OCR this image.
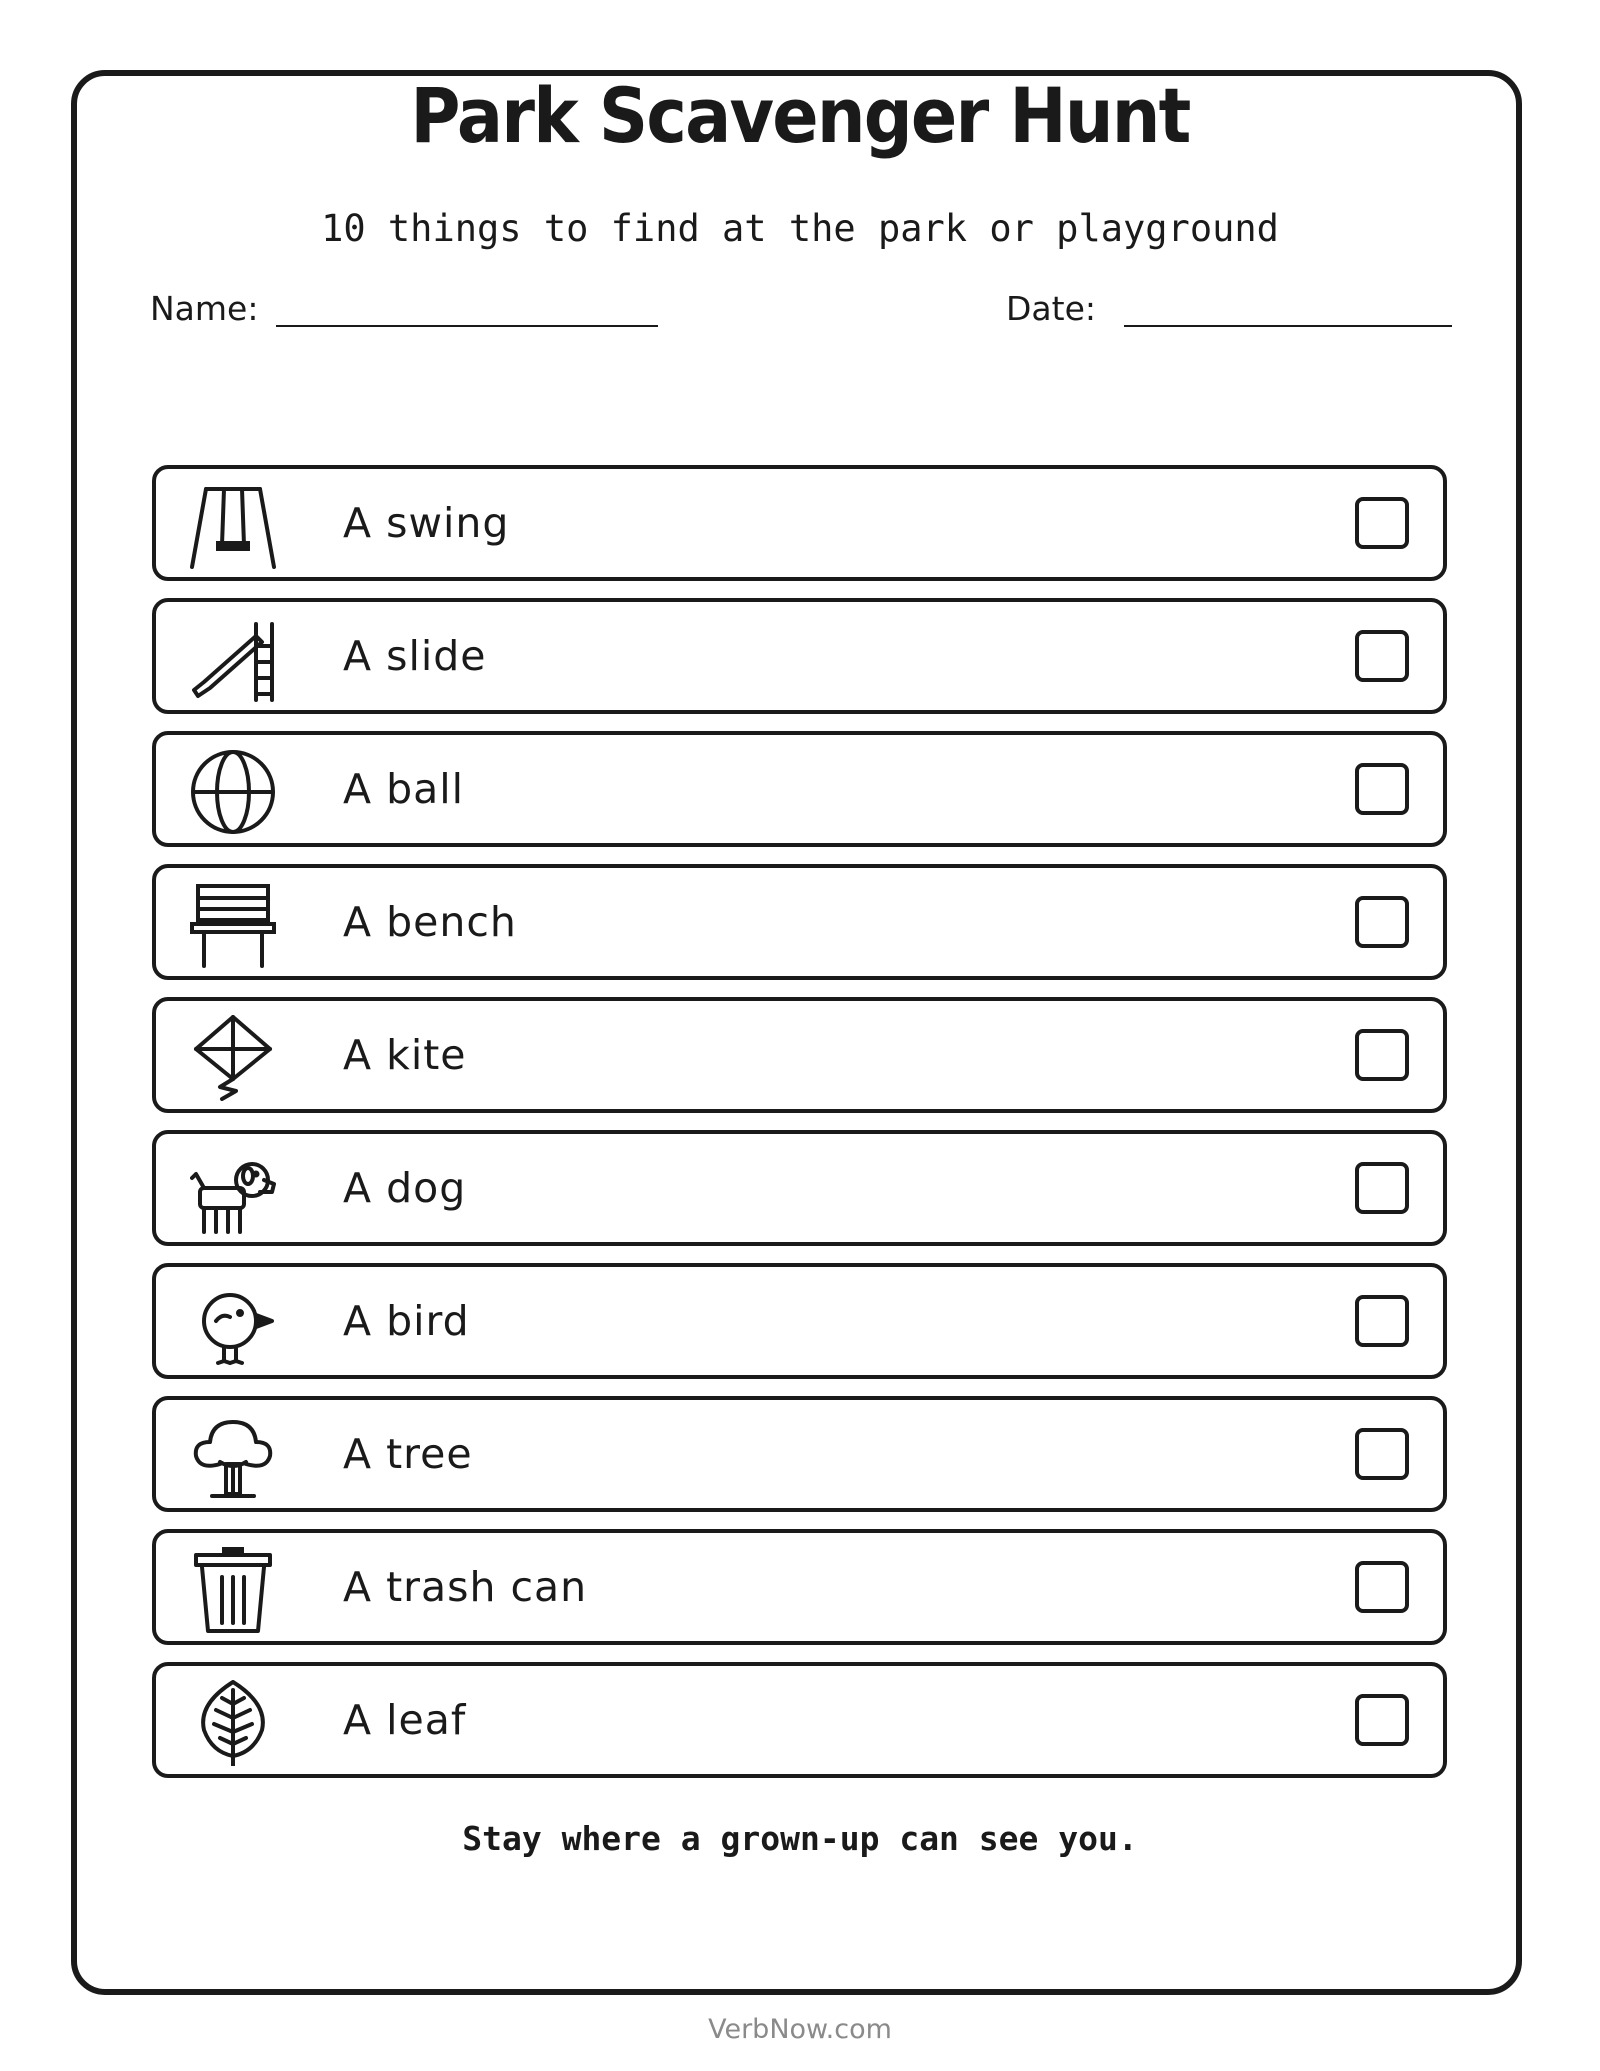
Park Scavenger Hunt
10 things to find at the park or playground
Name:	Date:
A swing
A slide
A ball
A bench
A kite
A dog
A bird
A tree
A trash can
A leaf
Stay where a grown-up can see you.
VerbNow.com
